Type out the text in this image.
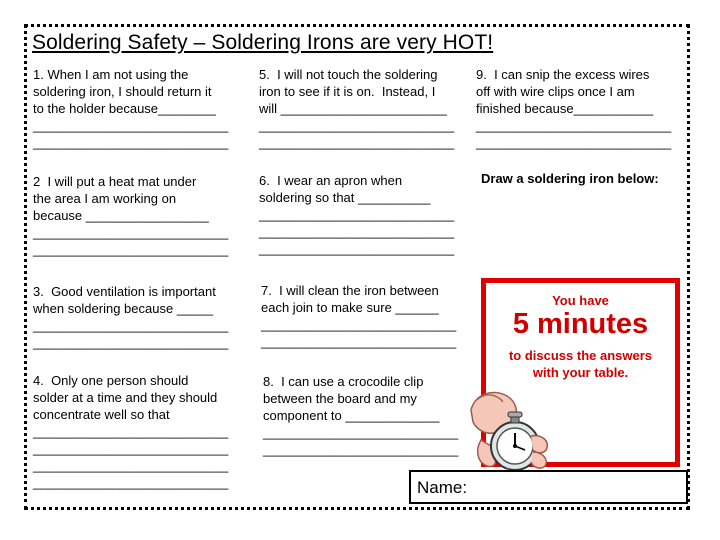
Soldering Safety – Soldering Irons are very HOT!
1. When I am not using the
soldering iron, I should return it
to the holder because________
___________________________
___________________________
2  I will put a heat mat under
the area I am working on
because _________________
___________________________
___________________________
3.  Good ventilation is important
when soldering because _____
___________________________
___________________________
4.  Only one person should
solder at a time and they should
concentrate well so that
___________________________
___________________________
___________________________
___________________________
5.  I will not touch the soldering
iron to see if it is on.  Instead, I
will _______________________
___________________________
___________________________
6.  I wear an apron when
soldering so that __________
___________________________
___________________________
___________________________
7.  I will clean the iron between
each join to make sure ______
___________________________
___________________________
8.  I can use a crocodile clip
between the board and my
component to _____________
___________________________
___________________________
9.  I can snip the excess wires
off with wire clips once I am
finished because___________
___________________________
___________________________
Draw a soldering iron below:
You have
5 minutes
to discuss the answers
with your table.
Name:
